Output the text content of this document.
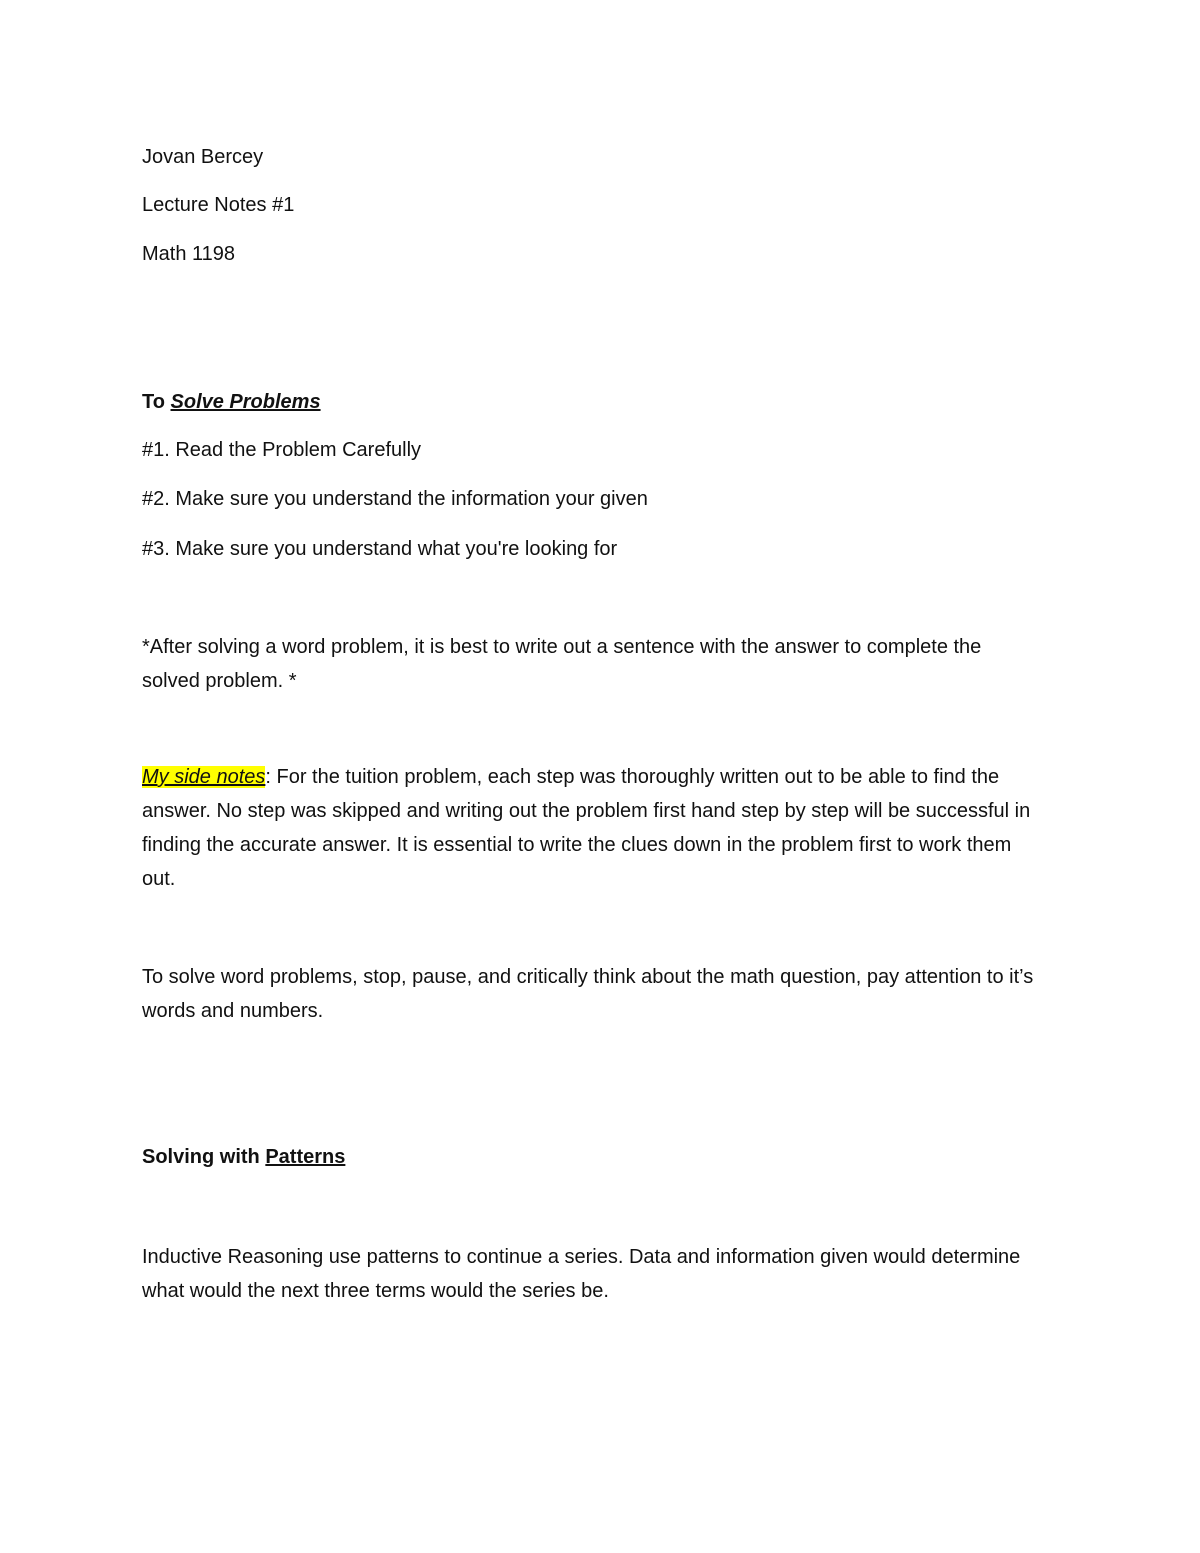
Jovan Bercey
Lecture Notes #1
Math 1198
To Solve Problems
#1. Read the Problem Carefully
#2. Make sure you understand the information your given
#3. Make sure you understand what you're looking for
*After solving a word problem, it is best to write out a sentence with the answer to complete the solved problem. *
My side notes: For the tuition problem, each step was thoroughly written out to be able to find the answer. No step was skipped and writing out the problem first hand step by step will be successful in finding the accurate answer. It is essential to write the clues down in the problem first to work them out.
To solve word problems, stop, pause, and critically think about the math question, pay attention to it’s words and numbers.
Solving with Patterns
Inductive Reasoning use patterns to continue a series. Data and information given would determine what would the next three terms would the series be.
